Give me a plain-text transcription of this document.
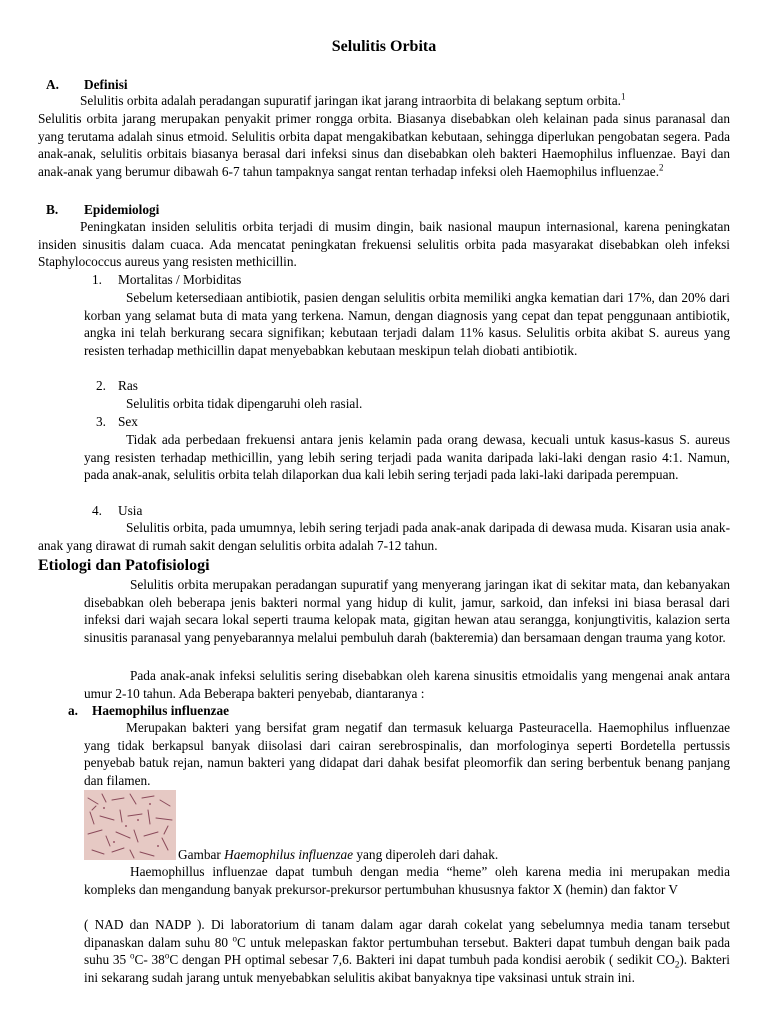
Selulitis Orbita
A. Definisi
Selulitis orbita adalah peradangan supuratif jaringan ikat jarang intraorbita di belakang septum orbita.$^1$
Selulitis orbita jarang merupakan penyakit primer rongga orbita. Biasanya disebabkan oleh kelainan pada sinus paranasal dan yang terutama adalah sinus etmoid. Selulitis orbita dapat mengakibatkan kebutaan, sehingga diperlukan pengobatan segera. Pada anak-anak, selulitis orbitais biasanya berasal dari infeksi sinus dan disebabkan oleh bakteri Haemophilus influenzae. Bayi dan anak-anak yang berumur dibawah 6-7 tahun tampaknya sangat rentan terhadap infeksi oleh Haemophilus influenzae.$^2$
B. Epidemiologi
Peningkatan insiden selulitis orbita terjadi di musim dingin, baik nasional maupun internasional, karena peningkatan insiden sinusitis dalam cuaca. Ada mencatat peningkatan frekuensi selulitis orbita pada masyarakat disebabkan oleh infeksi Staphylococcus aureus yang resisten methicillin.
1. Mortalitas / Morbiditas
Sebelum ketersediaan antibiotik, pasien dengan selulitis orbita memiliki angka kematian dari 17%, dan 20% dari korban yang selamat buta di mata yang terkena. Namun, dengan diagnosis yang cepat dan tepat penggunaan antibiotik, angka ini telah berkurang secara signifikan; kebutaan terjadi dalam 11% kasus. Selulitis orbita akibat S. aureus yang resisten terhadap methicillin dapat menyebabkan kebutaan meskipun telah diobati antibiotik.
2. Ras
Selulitis orbita tidak dipengaruhi oleh rasial.
3. Sex
Tidak ada perbedaan frekuensi antara jenis kelamin pada orang dewasa, kecuali untuk kasus-kasus S. aureus yang resisten terhadap methicillin, yang lebih sering terjadi pada wanita daripada laki-laki dengan rasio 4:1. Namun, pada anak-anak, selulitis orbita telah dilaporkan dua kali lebih sering terjadi pada laki-laki daripada perempuan.
4. Usia
Selulitis orbita, pada umumnya, lebih sering terjadi pada anak-anak daripada di dewasa muda. Kisaran usia anak-anak yang dirawat di rumah sakit dengan selulitis orbita adalah 7-12 tahun.
Etiologi dan Patofisiologi
Selulitis orbita merupakan peradangan supuratif yang menyerang jaringan ikat di sekitar mata, dan kebanyakan disebabkan oleh beberapa jenis bakteri normal yang hidup di kulit, jamur, sarkoid, dan infeksi ini biasa berasal dari infeksi dari wajah secara lokal seperti trauma kelopak mata, gigitan hewan atau serangga, konjungtivitis, kalazion serta sinusitis paranasal yang penyebarannya melalui pembuluh darah (bakteremia) dan bersamaan dengan trauma yang kotor.
Pada anak-anak infeksi selulitis sering disebabkan oleh karena sinusitis etmoidalis yang mengenai anak antara umur 2-10 tahun. Ada Beberapa bakteri penyebab, diantaranya :
a. Haemophilus influenzae
Merupakan bakteri yang bersifat gram negatif dan termasuk keluarga Pasteuracella. Haemophilus influenzae yang tidak berkapsul banyak diisolasi dari cairan serebrospinalis, dan morfologinya seperti Bordetella pertussis penyebab batuk rejan, namun bakteri yang didapat dari dahak besifat pleomorfik dan sering berbentuk benang panjang dan filamen.
Gambar Haemophilus influenzae yang diperoleh dari dahak.
Haemophillus influenzae dapat tumbuh dengan media “heme” oleh karena media ini merupakan media kompleks dan mengandung banyak prekursor-prekursor pertumbuhan khususnya faktor X (hemin) dan faktor V
( NAD dan NADP ). Di laboratorium di tanam dalam agar darah cokelat yang sebelumnya media tanam tersebut dipanaskan dalam suhu 80 $^o$C untuk melepaskan faktor pertumbuhan tersebut. Bakteri dapat tumbuh dengan baik pada suhu 35 $^o$C- 38$^o$C dengan PH optimal sebesar 7,6. Bakteri ini dapat tumbuh pada kondisi aerobik ( sedikit $CO_2$). Bakteri ini sekarang sudah jarang untuk menyebabkan selulitis akibat banyaknya tipe vaksinasi untuk strain ini.
